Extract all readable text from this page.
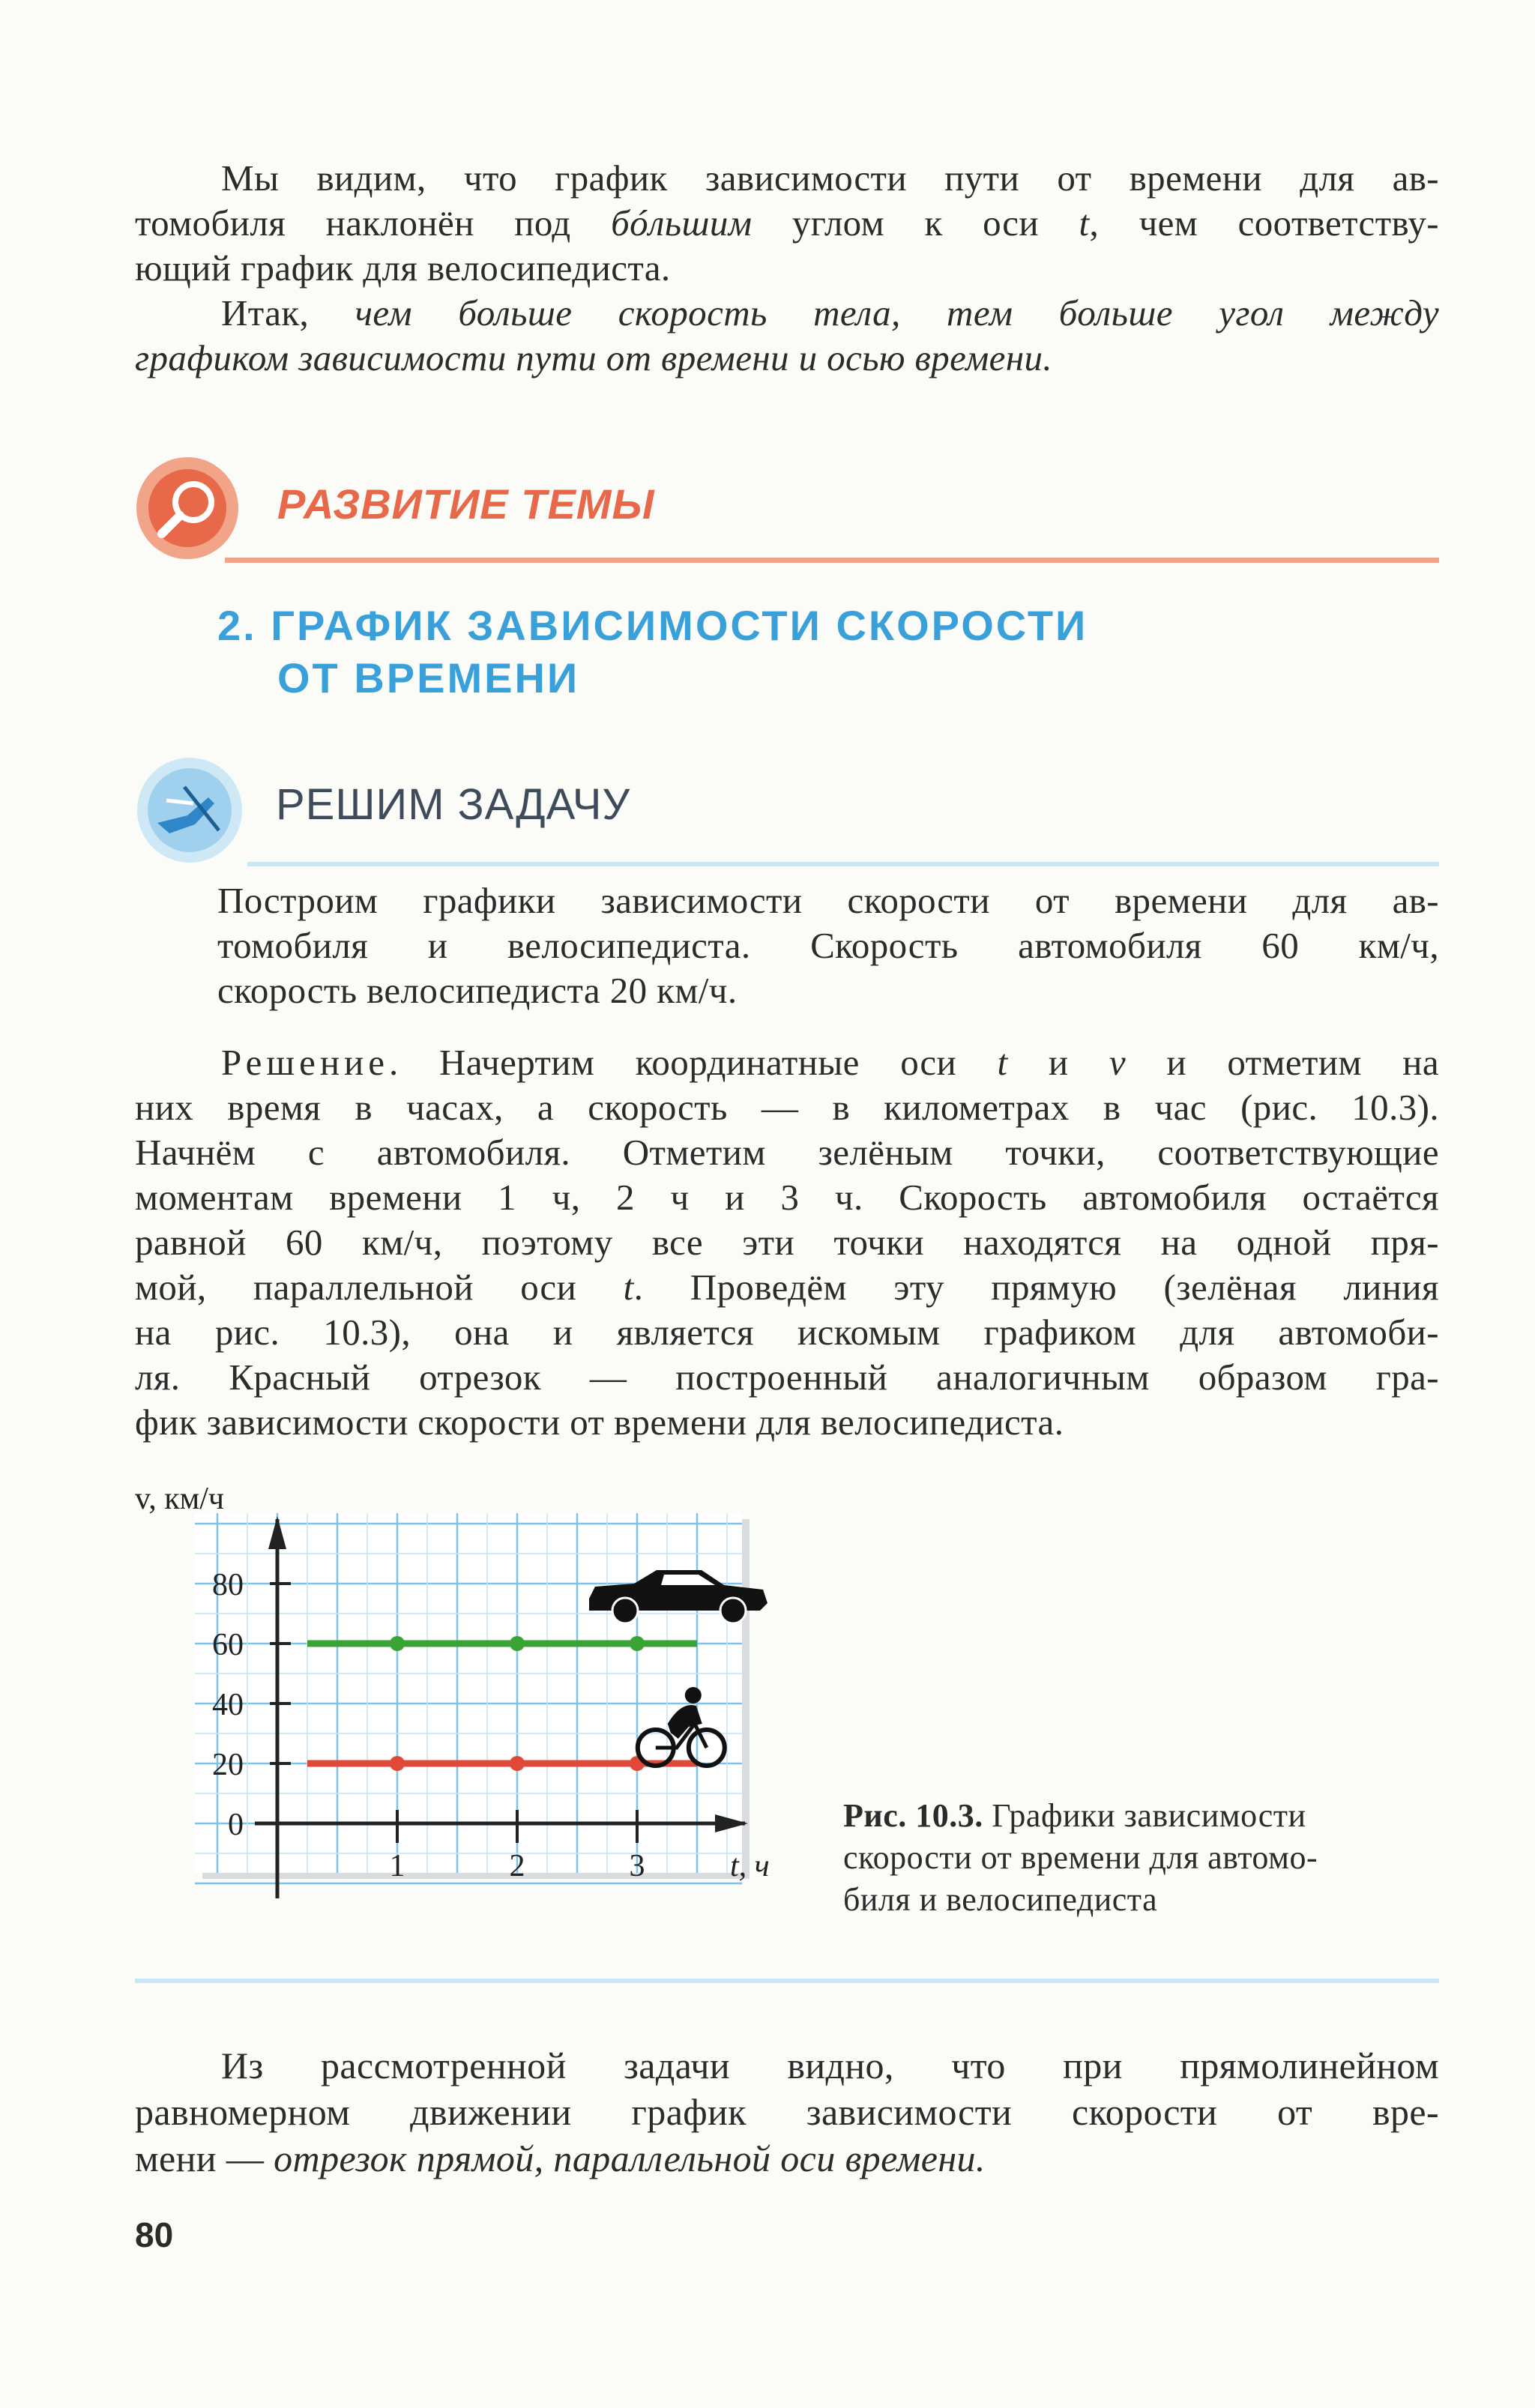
Мы видим, что график зависимости пути от времени для ав-
томобиля наклонён под бóльшим углом к оси t, чем соответству-
ющий график для велосипедиста.
Итак, чем больше скорость тела, тем больше угол между
графиком зависимости пути от времени и осью времени.
РАЗВИТИЕ ТЕМЫ
2. ГРАФИК ЗАВИСИМОСТИ СКОРОСТИ
ОТ ВРЕМЕНИ
РЕШИМ ЗАДАЧУ
Построим графики зависимости скорости от времени для ав-
томобиля и велосипедиста. Скорость автомобиля 60 км/ч,
скорость велосипедиста 20 км/ч.
Решение. Начертим координатные оси t и v и отметим на
них время в часах, а скорость — в километрах в час (рис. 10.3).
Начнём с автомобиля. Отметим зелёным точки, соответствующие
моментам времени 1 ч, 2 ч и 3 ч. Скорость автомобиля остаётся
равной 60 км/ч, поэтому все эти точки находятся на одной пря-
мой, параллельной оси t. Проведём эту прямую (зелёная линия
на рис. 10.3), она и является искомым графиком для автомоби-
ля. Красный отрезок — построенный аналогичным образом гра-
фик зависимости скорости от времени для велосипедиста.
80
60
40
20
0
1	2	3
v, км/ч
t, ч
Рис. 10.3. Графики зависимости
скорости от времени для автомо-
биля и велосипедиста
Из рассмотренной задачи видно, что при прямолинейном
равномерном движении график зависимости скорости от вре-
мени — отрезок прямой, параллельной оси времени.
80
